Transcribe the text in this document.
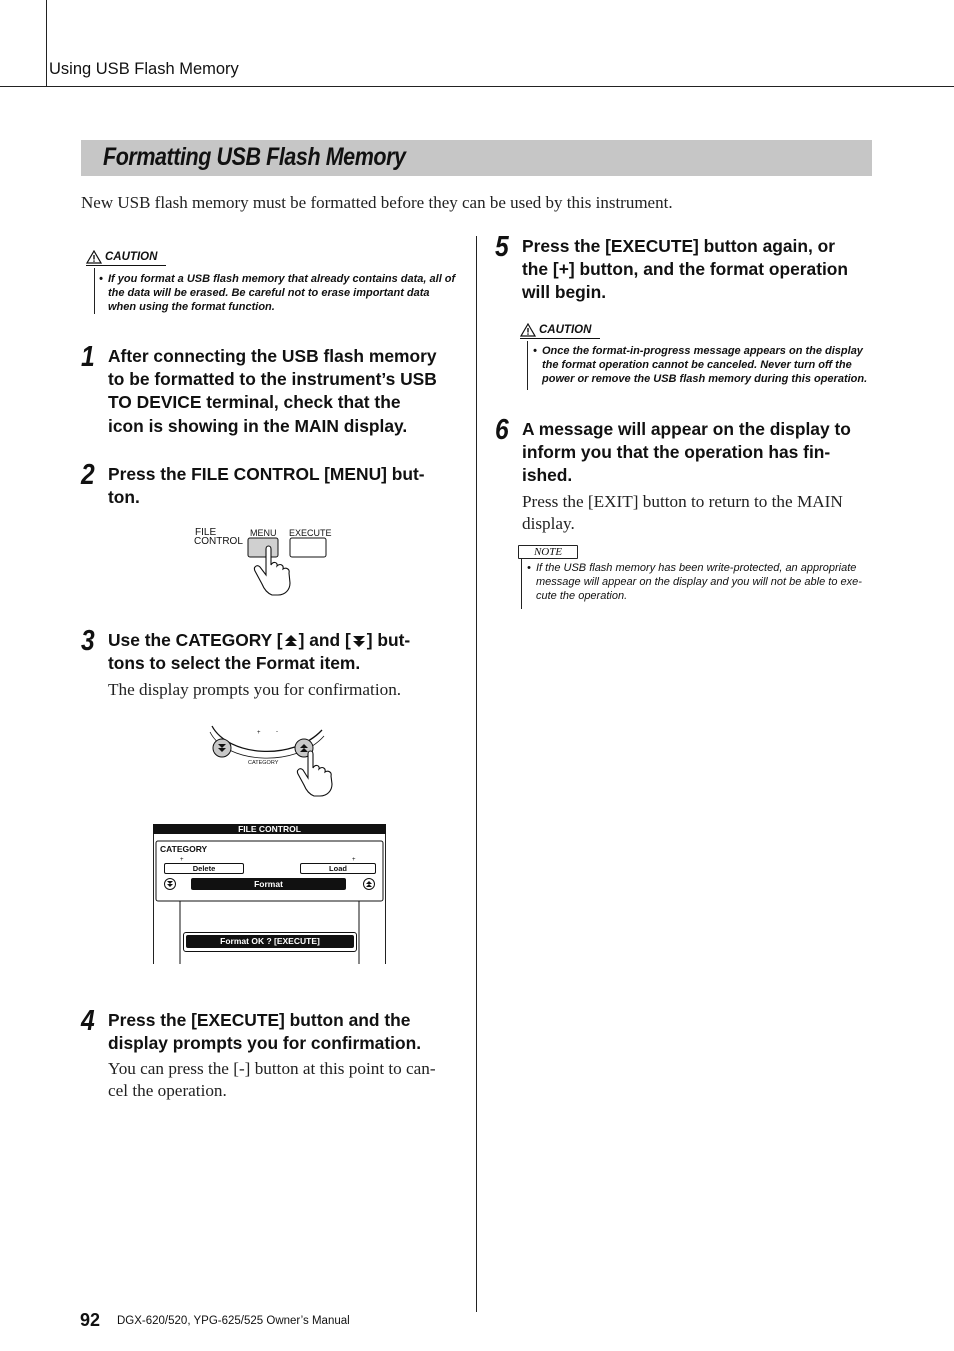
Using USB Flash Memory
Formatting USB Flash Memory
New USB flash memory must be formatted before they can be used by this instrument.
CAUTION
• If you format a USB flash memory that already contains data, all of
the data will be erased. Be careful not to erase important data
when using the format function.
1 After connecting the USB flash memory
to be formatted to the instrument’s USB
TO DEVICE terminal, check that the
icon is showing in the MAIN display.
2 Press the FILE CONTROL [MENU] but-
ton.
FILE
CONTROL
MENU EXECUTE
3 Use the CATEGORY [ ] and [ ] but-
tons to select the Format item.
The display prompts you for confirmation.
CATEGORY
+	-
FILE CONTROL
CATEGORY
+	+
Delete	Load
Format
Format OK ? [EXECUTE]
4 Press the [EXECUTE] button and the
display prompts you for confirmation.
You can press the [-] button at this point to can-
cel the operation.
5 Press the [EXECUTE] button again, or
the [+] button, and the format operation
will begin.
CAUTION
• Once the format-in-progress message appears on the display
the format operation cannot be canceled. Never turn off the
power or remove the USB flash memory during this operation.
6 A message will appear on the display to
inform you that the operation has fin-
ished.
Press the [EXIT] button to return to the MAIN
display.
NOTE
• If the USB flash memory has been write-protected, an appropriate
message will appear on the display and you will not be able to exe-
cute the operation.
92 DGX-620/520, YPG-625/525 Owner’s Manual
